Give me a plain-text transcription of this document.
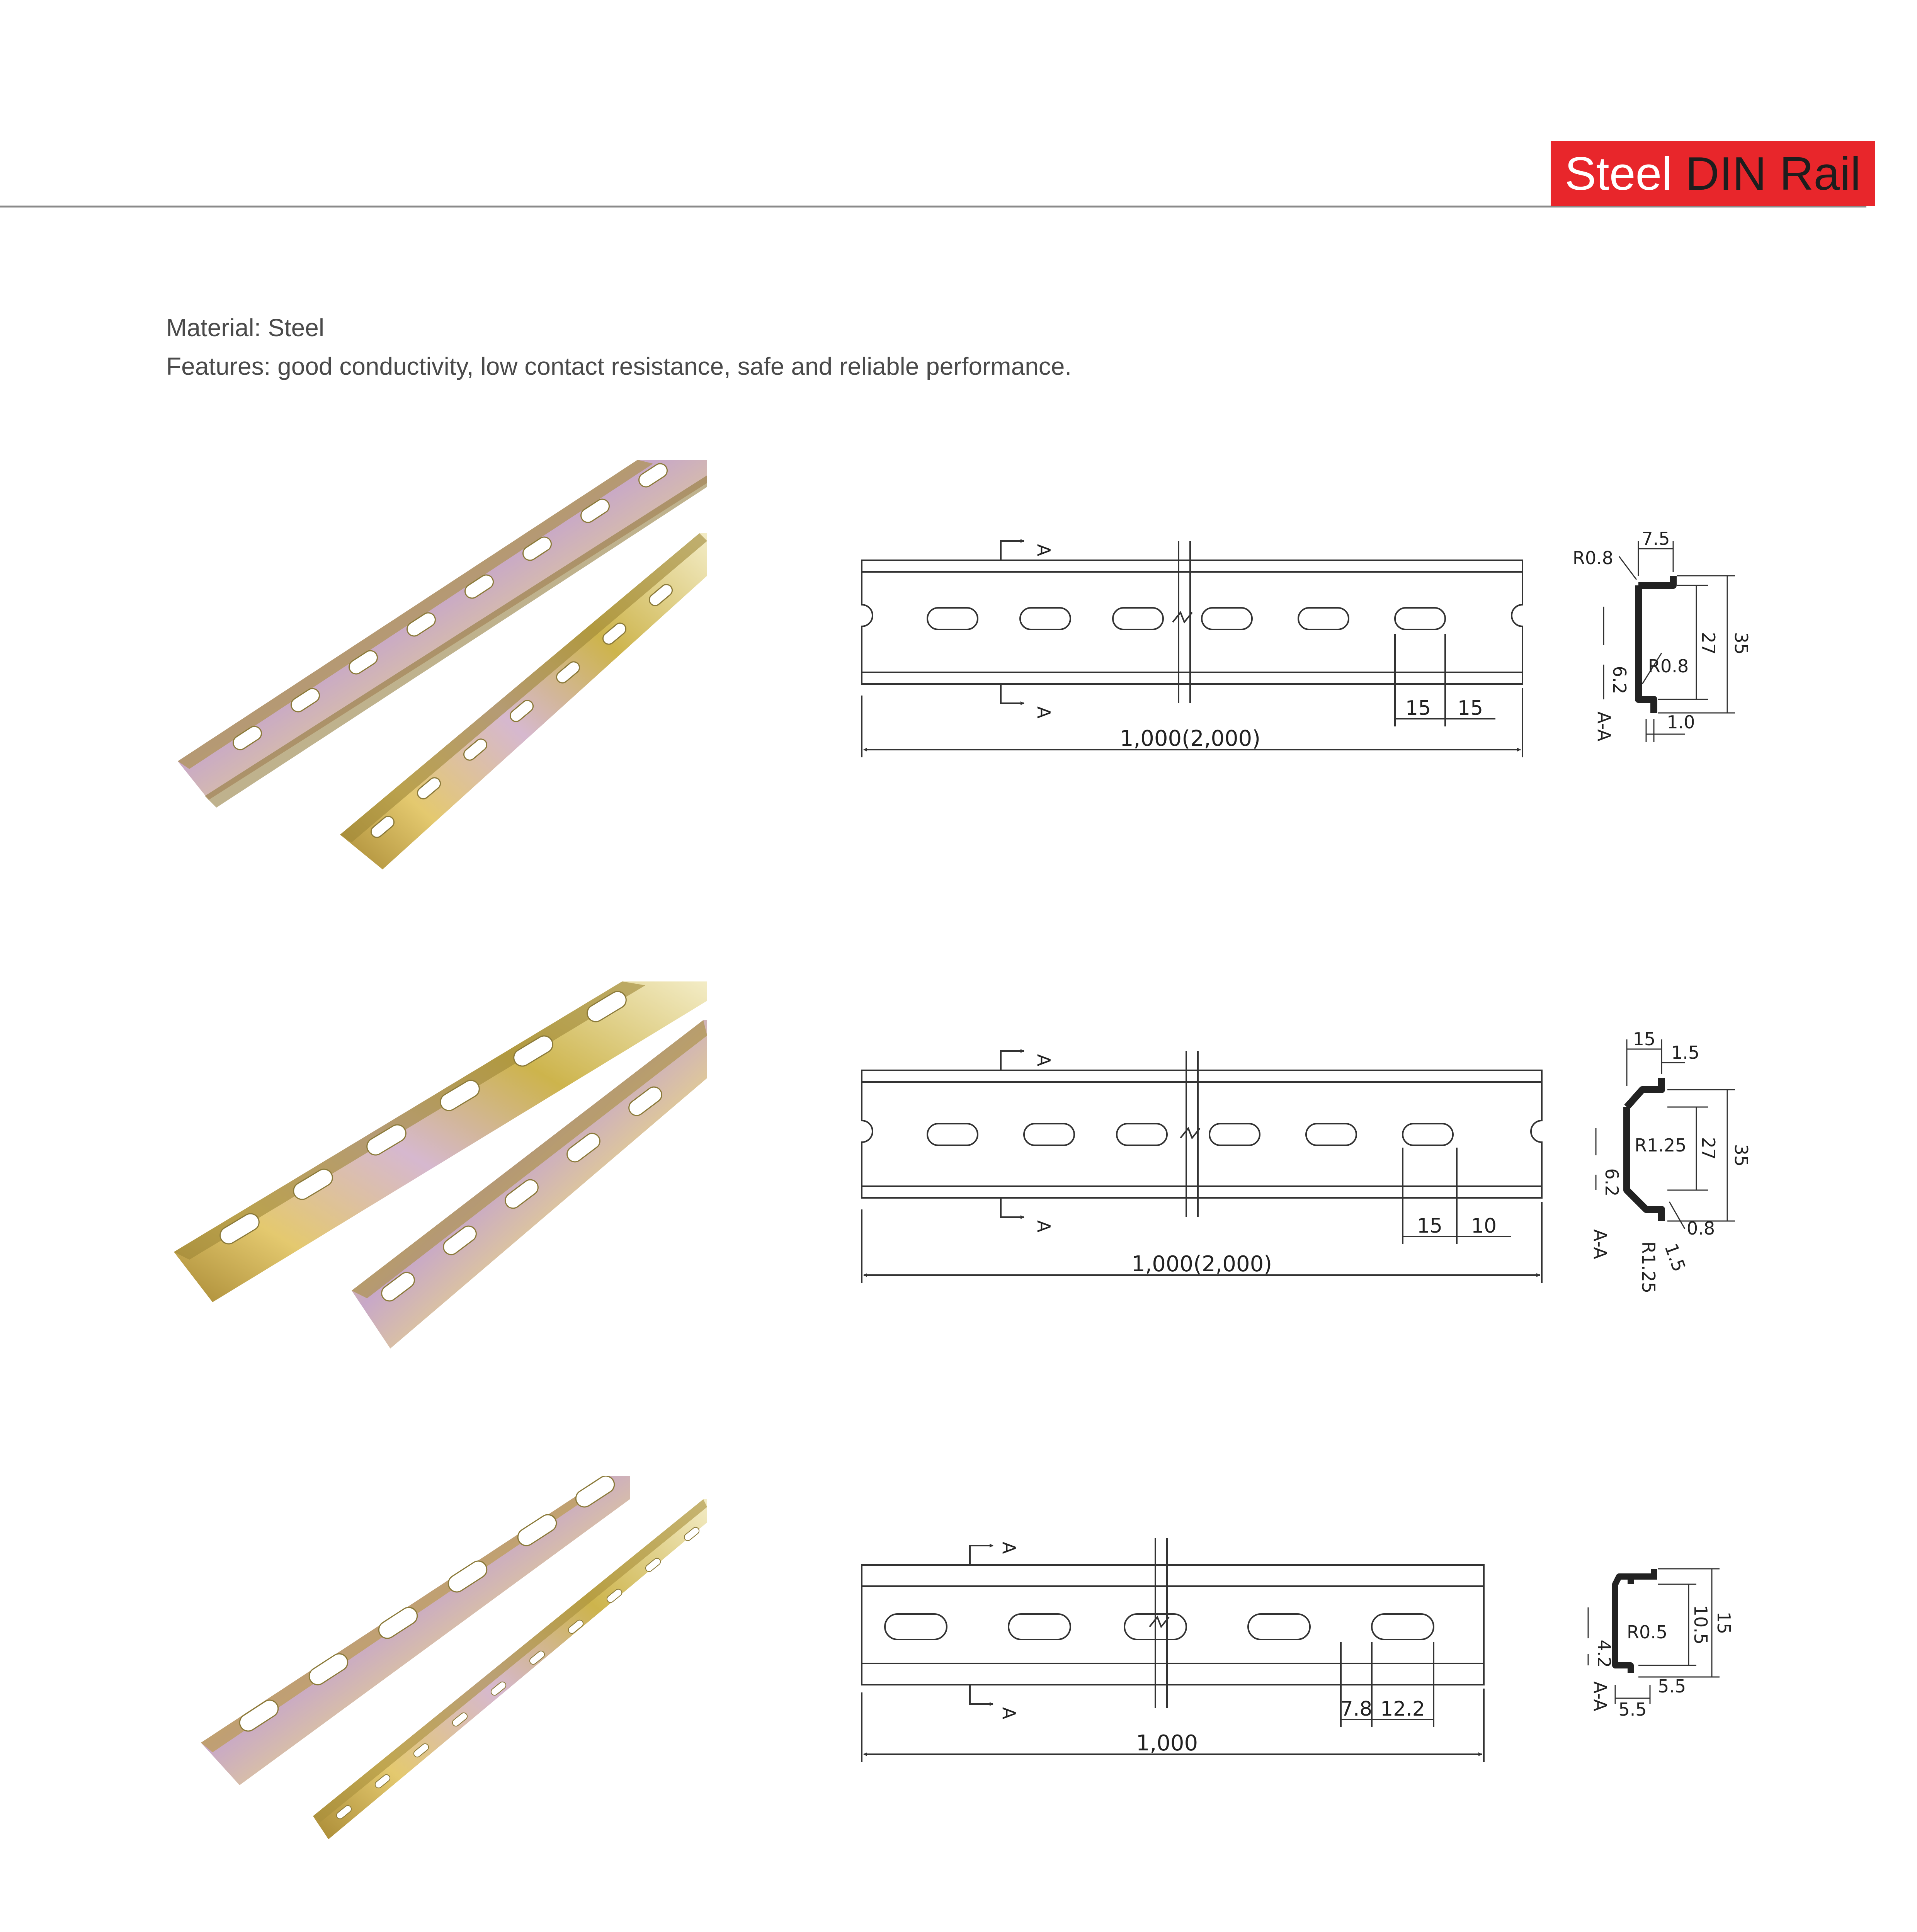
Steel DIN Rail
Material: Steel
Features: good conductivity, low contact resistance, safe and reliable performance.
A
A
1,000(2,000)
15 15
7.5
R0.8
R0.8
27 35
6.2
1.0
A-A
A
A
1,000(2,000)
15 10
15
1.5
R1.25 27 35
6.2
0.8
R1.25 1.5
A-A
A
A
1,000
7.8 12.2
R0.5 10.5 15
4.2
5.5
5.5
A-A
